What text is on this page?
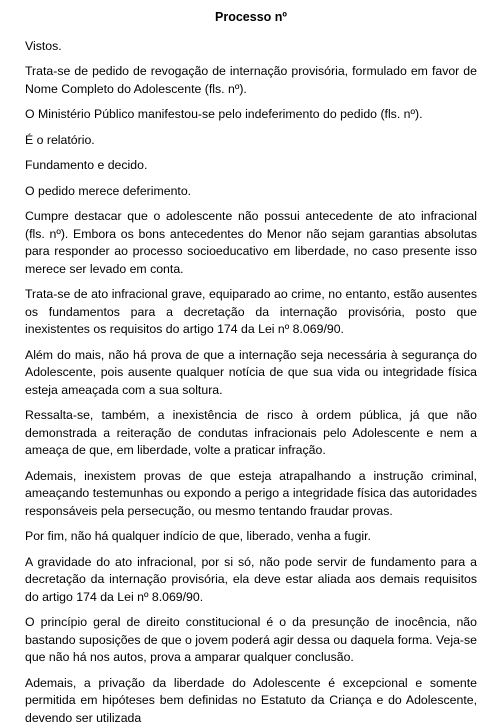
Processo nº

Vistos.

Trata-se de pedido de revogação de internação provisória, formulado em favor de Nome Completo do Adolescente (fls. nº).

O Ministério Público manifestou-se pelo indeferimento do pedido (fls. nº).

É o relatório.

Fundamento e decido.

O pedido merece deferimento.

Cumpre destacar que o adolescente não possui antecedente de ato infracional (fls. nº). Embora os bons antecedentes do Menor não sejam garantias absolutas para responder ao processo socioeducativo em liberdade, no caso presente isso merece ser levado em conta.

Trata-se de ato infracional grave, equiparado ao crime, no entanto, estão ausentes os fundamentos para a decretação da internação provisória, posto que inexistentes os requisitos do artigo 174 da Lei nº 8.069/90.

Além do mais, não há prova de que a internação seja necessária à segurança do Adolescente, pois ausente qualquer notícia de que sua vida ou integridade física esteja ameaçada com a sua soltura.

Ressalta-se, também, a inexistência de risco à ordem pública, já que não demonstrada a reiteração de condutas infracionais pelo Adolescente e nem a ameaça de que, em liberdade, volte a praticar infração.

Ademais, inexistem provas de que esteja atrapalhando a instrução criminal, ameaçando testemunhas ou expondo a perigo a integridade física das autoridades responsáveis pela persecução, ou mesmo tentando fraudar provas.

Por fim, não há qualquer indício de que, liberado, venha a fugir.

A gravidade do ato infracional, por si só, não pode servir de fundamento para a decretação da internação provisória, ela deve estar aliada aos demais requisitos do artigo 174 da Lei nº 8.069/90.

O princípio geral de direito constitucional é o da presunção de inocência, não bastando suposições de que o jovem poderá agir dessa ou daquela forma. Veja-se que não há nos autos, prova a amparar qualquer conclusão.

Ademais, a privação da liberdade do Adolescente é excepcional e somente permitida em hipóteses bem definidas no Estatuto da Criança e do Adolescente, devendo ser utilizada
